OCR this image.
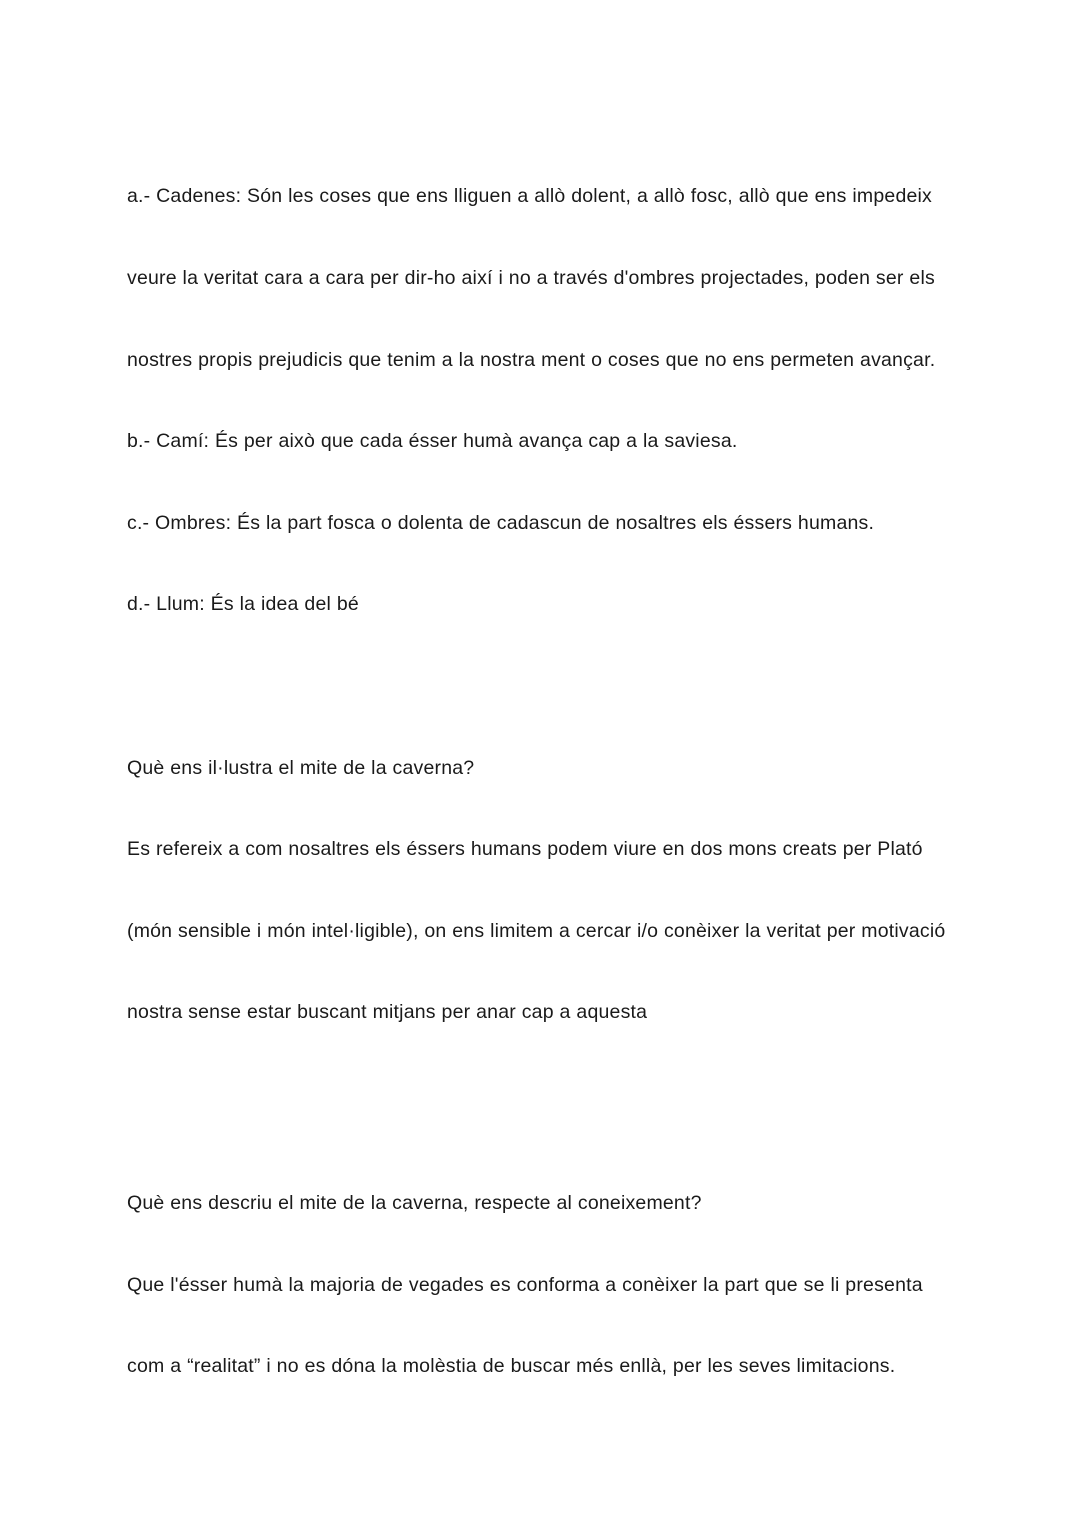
a.- Cadenes: Són les coses que ens lliguen a allò dolent, a allò fosc, allò que ens impedeix

veure la veritat cara a cara per dir-ho així i no a través d'ombres projectades, poden ser els

nostres propis prejudicis que tenim a la nostra ment o coses que no ens permeten avançar.

b.- Camí: És per això que cada ésser humà avança cap a la saviesa.

c.- Ombres: És la part fosca o dolenta de cadascun de nosaltres els éssers humans.

d.- Llum: És la idea del bé

Què ens il·lustra el mite de la caverna?

Es refereix a com nosaltres els éssers humans podem viure en dos mons creats per Plató

(món sensible i món intel·ligible), on ens limitem a cercar i/o conèixer la veritat per motivació

nostra sense estar buscant mitjans per anar cap a aquesta

Què ens descriu el mite de la caverna, respecte al coneixement?

Que l'ésser humà la majoria de vegades es conforma a conèixer la part que se li presenta

com a “realitat” i no es dóna la molèstia de buscar més enllà, per les seves limitacions.
